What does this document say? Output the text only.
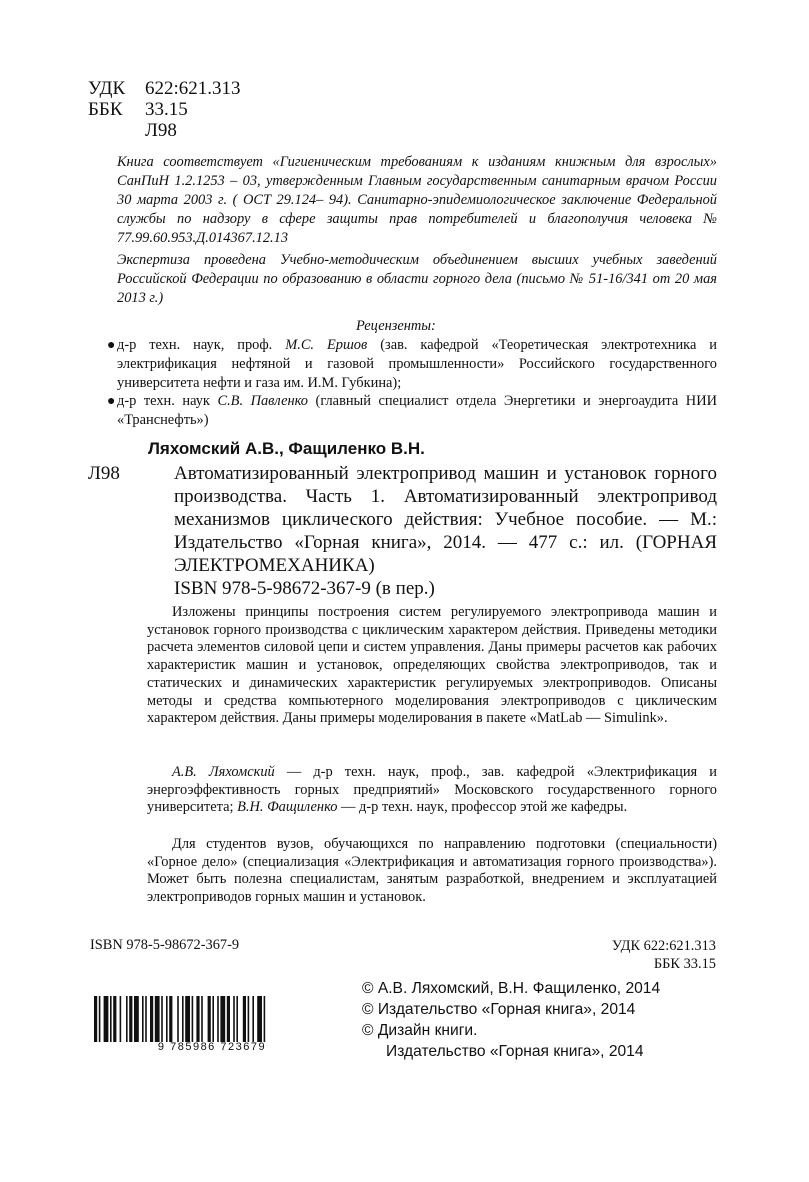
УДК	622:621.313
ББК	33.15
Л98

Книга соответствует «Гигиеническим требованиям к изданиям книжным для взрослых» СанПиН 1.2.1253 – 03, утвержденным Главным государственным санитарным врачом России 30 марта 2003 г. ( ОСТ 29.124– 94). Санитарно-эпидемиологическое заключение Федеральной службы по надзору в сфере защиты прав потребителей и благополучия человека № 77.99.60.953.Д.014367.12.13

Экспертиза проведена Учебно-методическим объединением высших учебных заведений Российской Федерации по образованию в области горного дела (письмо № 51-16/341 от 20 мая 2013 г.)

Рецензенты:
● д-р техн. наук, проф. М.С. Ершов (зав. кафедрой «Теоретическая электротехника и электрификация нефтяной и газовой промышленности» Российского государственного университета нефти и газа им. И.М. Губкина);
● д-р техн. наук С.В. Павленко (главный специалист отдела Энергетики и энергоаудита НИИ «Транснефть»)
Ляхомский А.В., Фащиленко В.Н.
Л98	Автоматизированный электропривод машин и установок горного производства. Часть 1. Автоматизированный электропривод механизмов циклического действия: Учебное пособие. — М.: Издательство «Горная книга», 2014. — 477 с.: ил. (ГОРНАЯ ЭЛЕКТРОМЕХАНИКА)
ISBN 978-5-98672-367-9 (в пер.)

Изложены принципы построения систем регулируемого электропривода машин и установок горного производства с циклическим характером действия. Приведены методики расчета элементов силовой цепи и систем управления. Даны примеры расчетов как рабочих характеристик машин и установок, определяющих свойства электроприводов, так и статических и динамических характеристик регулируемых электроприводов. Описаны методы и средства компьютерного моделирования электроприводов с циклическим характером действия. Даны примеры моделирования в пакете «MatLab — Simulink».

А.В. Ляхомский — д-р техн. наук, проф., зав. кафедрой «Электрификация и энергоэффективность горных предприятий» Московского государственного горного университета; В.Н. Фащиленко — д-р техн. наук, профессор этой же кафедры.

Для студентов вузов, обучающихся по направлению подготовки (специальности) «Горное дело» (специализация «Электрификация и автоматизация горного производства»). Может быть полезна специалистам, занятым разработкой, внедрением и эксплуатацией электроприводов горных машин и установок.

ISBN 978-5-98672-367-9	УДК 622:621.313
ББК 33.15
9 785986 723679
© А.В. Ляхомский, В.Н. Фащиленко, 2014
© Издательство «Горная книга», 2014
© Дизайн книги.
Издательство «Горная книга», 2014
